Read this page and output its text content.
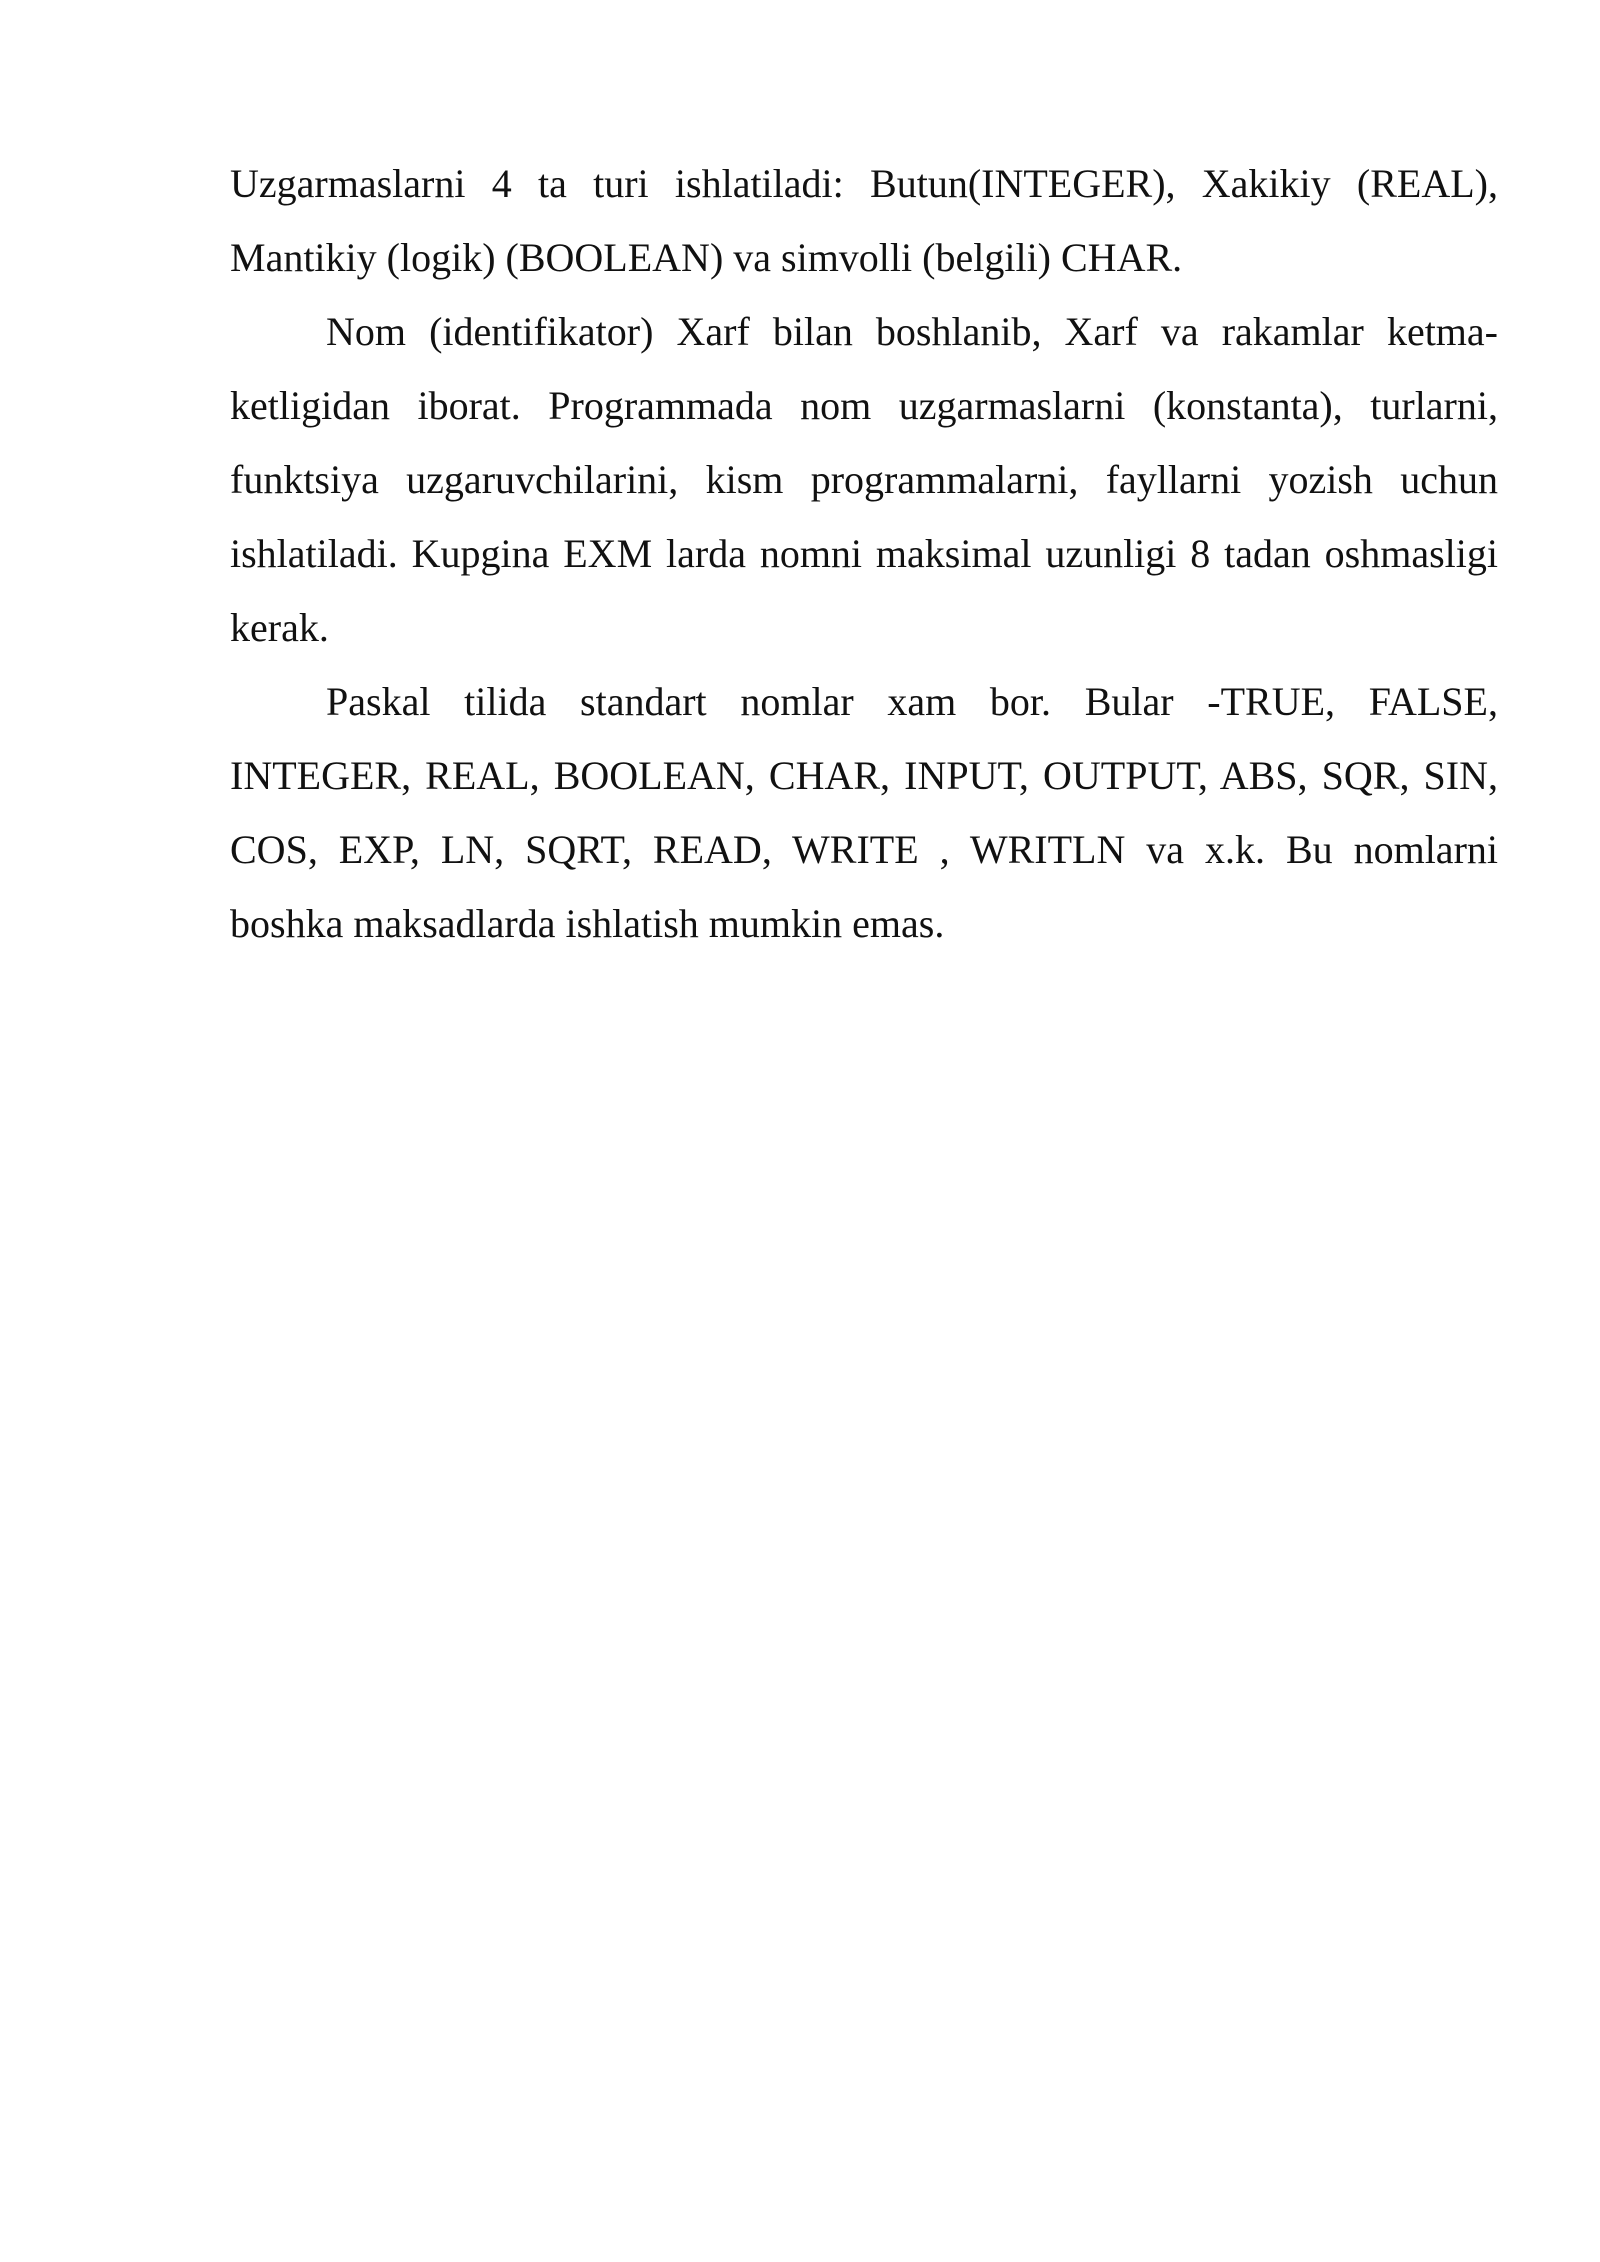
Uzgarmaslarni 4 ta turi ishlatiladi: Butun(INTEGER), Xakikiy (REAL), Mantikiy (logik) (BOOLEAN) va simvolli (belgili) CHAR.

Nom (identifikator) Xarf bilan boshlanib, Xarf va rakamlar ketma-ketligidan iborat. Programmada nom uzgarmaslarni (konstanta), turlarni, funktsiya uzgaruvchilarini, kism programmalarni, fayllarni yozish uchun ishlatiladi. Kupgina EXM larda nomni maksimal uzunligi 8 tadan oshmasligi kerak.

Paskal tilida standart nomlar xam bor. Bular -TRUE, FALSE, INTEGER, REAL, BOOLEAN, CHAR, INPUT, OUTPUT, ABS, SQR, SIN, COS, EXP, LN, SQRT, READ, WRITE , WRITLN va x.k. Bu nomlarni boshka maksadlarda ishlatish mumkin emas.
